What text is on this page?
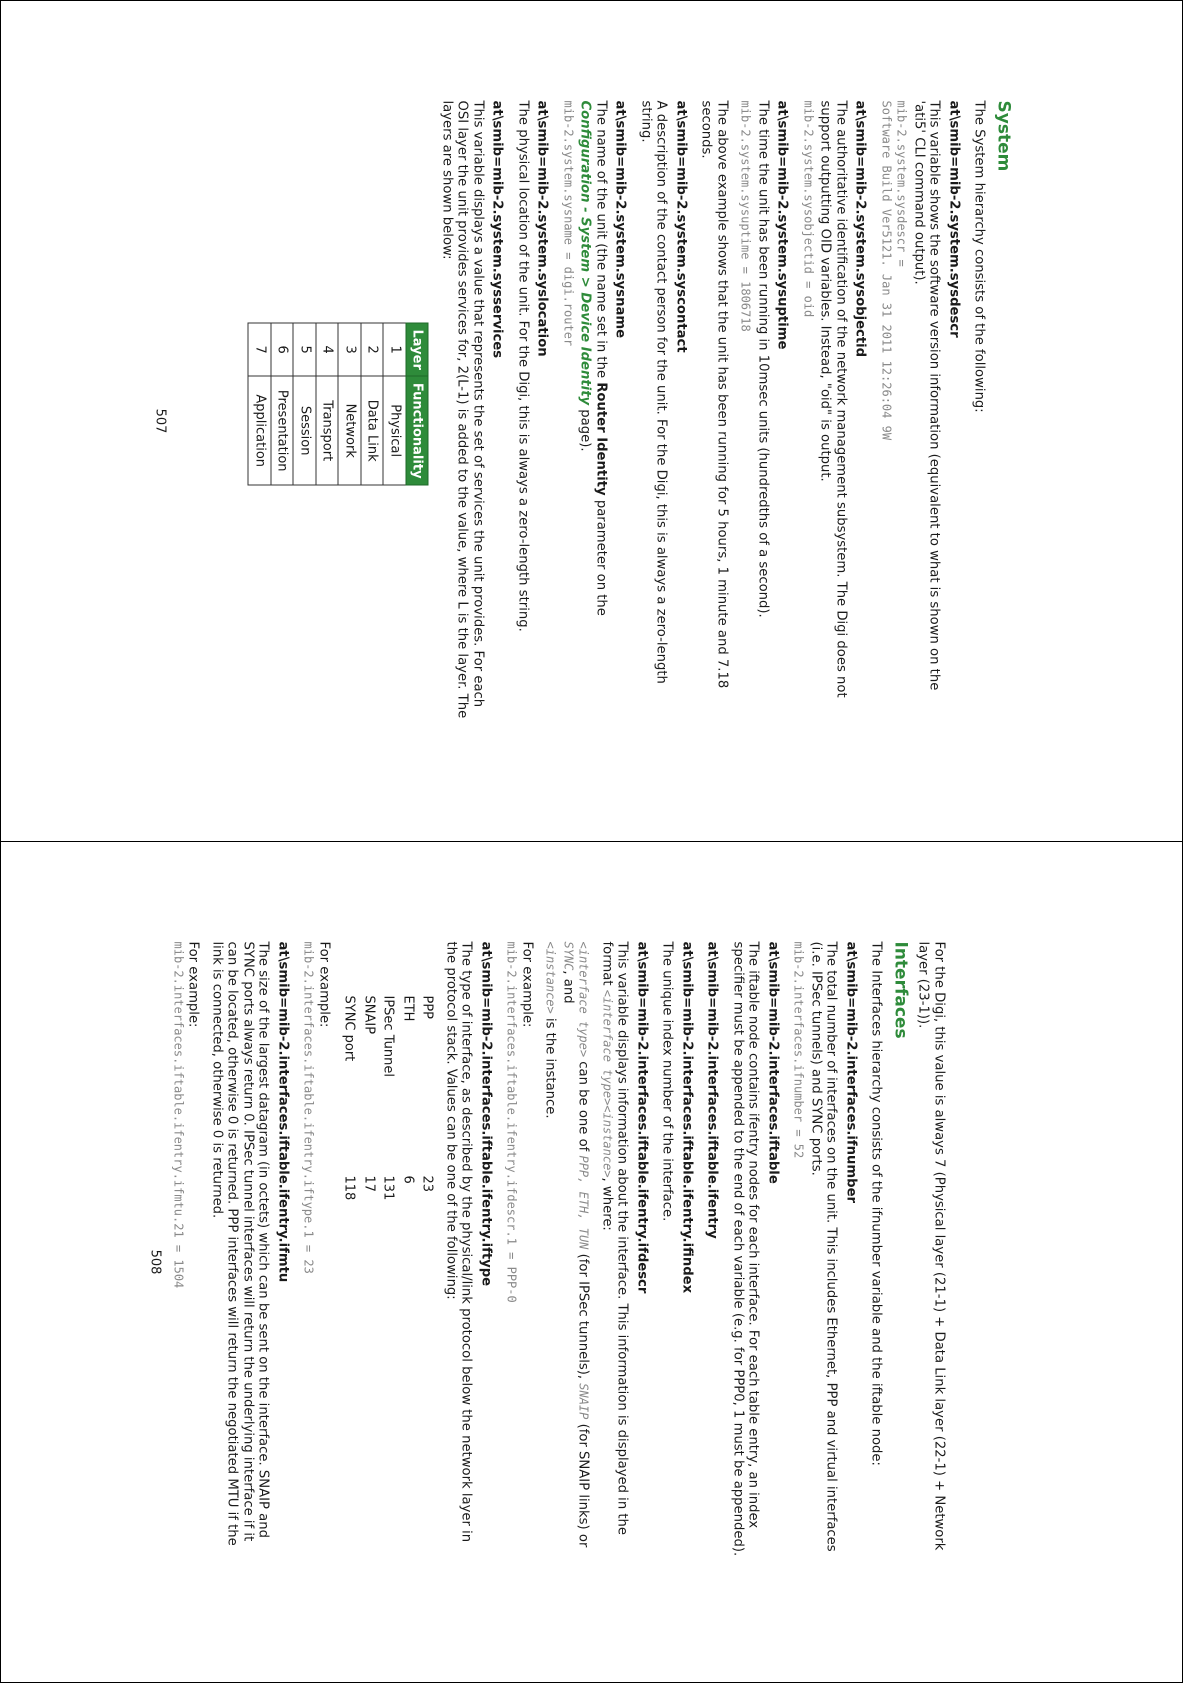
System

The System hierarchy consists of the following:

at\smib=mib-2.system.sysdescr

This variable shows the software version information (equivalent to what is shown on the 'ati5' CLI command output).

mib-2.system.sysdescr =
Software Build Ver5121. Jan 31 2011 12:26:04 9W
at\smib=mib-2.system.sysobjectid

The authoritative identification of the network management subsystem. The Digi does not support outputting OID variables. Instead, "oid" is output.

mib-2.system.sysobjectid = oid
at\smib=mib-2.system.sysuptime

The time the unit has been running in 10msec units (hundredths of a second).

mib-2.system.sysuptime = 1806718

The above example shows that the unit has been running for 5 hours, 1 minute and 7.18 seconds.

at\smib=mib-2.system.syscontact

A description of the contact person for the unit. For the Digi, this is always a zero-length string.

at\smib=mib-2.system.sysname

The name of the unit (the name set in the Router Identity parameter on the Configuration - System > Device Identity page).

mib-2.system.sysname = digi.router
at\smib=mib-2.system.syslocation

The physical location of the unit. For the Digi, this is always a zero-length string.

at\smib=mib-2.system.sysservices

This variable displays a value that represents the set of services the unit provides. For each OSI layer the unit provides services for, 2(L-1) is added to the value, where L is the layer. The layers are shown below:

Layer	Functionality
1	Physical
2	Data Link
3	Network
4	Transport
5	Session
6	Presentation
7	Application
507

For the Digi, this value is always 7 (Physical layer (21-1) + Data Link layer (22-1) + Network layer (23-1)).

Interfaces

The Interfaces hierarchy consists of the ifnumber variable and the iftable node:

at\smib=mib-2.interfaces.ifnumber

The total number of interfaces on the unit. This includes Ethernet, PPP and virtual interfaces (i.e. IPSec tunnels) and SYNC ports.

mib-2.interfaces.ifnumber = 52
at\smib=mib-2.interfaces.iftable

The iftable node contains ifentry nodes for each interface. For each table entry, an index specifier must be appended to the end of each variable (e.g. for PPP0, 1 must be appended).

at\smib=mib-2.interfaces.iftable.ifentry
at\smib=mib-2.interfaces.iftable.ifentry.ifindex

The unique index number of the interface.

at\smib=mib-2.interfaces.iftable.ifentry.ifdescr

This variable displays information about the interface. This information is displayed in the format <interface type><instance>, where:

<interface type> can be one of PPP, ETH, TUN (for IPSec tunnels), SNAIP (for SNAIP links) or SYNC, and

<instance> is the instance.

For example:

mib-2.interfaces.iftable.ifentry.ifdescr.1 = PPP-0
at\smib=mib-2.interfaces.iftable.ifentry.iftype

The type of interface, as described by the physical/link protocol below the network layer in the protocol stack. Values can be one of the following:

PPP	23
ETH	6
IPSec Tunnel	131
SNAIP	17
SYNC port	118

For example:

mib-2.interfaces.iftable.ifentry.iftype.1 = 23
at\smib=mib-2.interfaces.iftable.ifentry.ifmtu

The size of the largest datagram (in octets) which can be sent on the interface. SNAIP and SYNC ports always return 0. IPSec tunnel interfaces will return the underlying interface if it can be located, otherwise 0 is returned. PPP interfaces will return the negotiated MTU if the link is connected, otherwise 0 is returned.

For example:

mib-2.interfaces.iftable.ifentry.ifmtu.21 = 1504
508
